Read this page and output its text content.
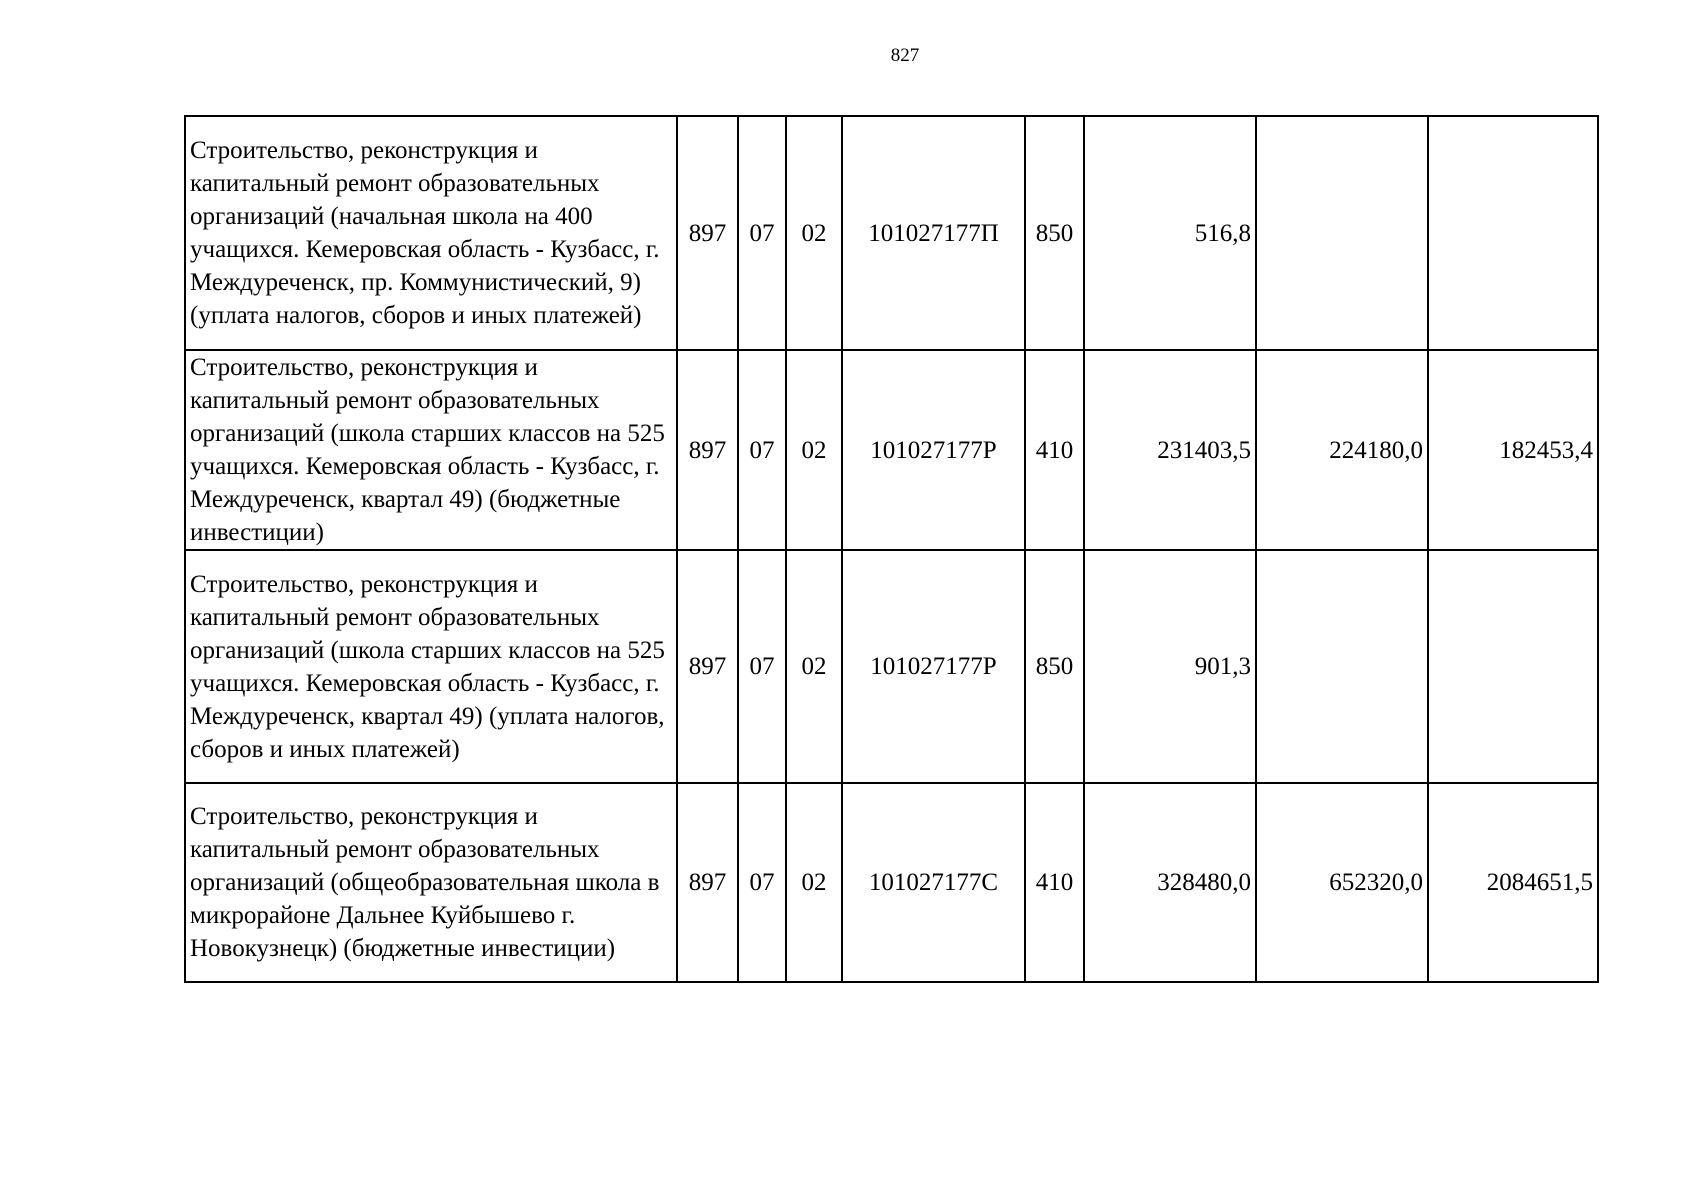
827
Строительство, реконструкция и капитальный ремонт образовательных организаций (начальная школа на 400 учащихся. Кемеровская область - Кузбасс, г. Междуреченск, пр. Коммунистический, 9) (уплата налогов, сборов и иных платежей)	897	07	02	101027177П	850	516,8		
Строительство, реконструкция и капитальный ремонт образовательных организаций (школа старших классов на 525 учащихся. Кемеровская область - Кузбасс, г. Междуреченск, квартал 49) (бюджетные инвестиции)	897	07	02	101027177Р	410	231403,5	224180,0	182453,4
Строительство, реконструкция и капитальный ремонт образовательных организаций (школа старших классов на 525 учащихся. Кемеровская область - Кузбасс, г. Междуреченск, квартал 49) (уплата налогов, сборов и иных платежей)	897	07	02	101027177Р	850	901,3		
Строительство, реконструкция и капитальный ремонт образовательных организаций (общеобразовательная школа в микрорайоне Дальнее Куйбышево г. Новокузнецк) (бюджетные инвестиции)	897	07	02	101027177С	410	328480,0	652320,0	2084651,5
